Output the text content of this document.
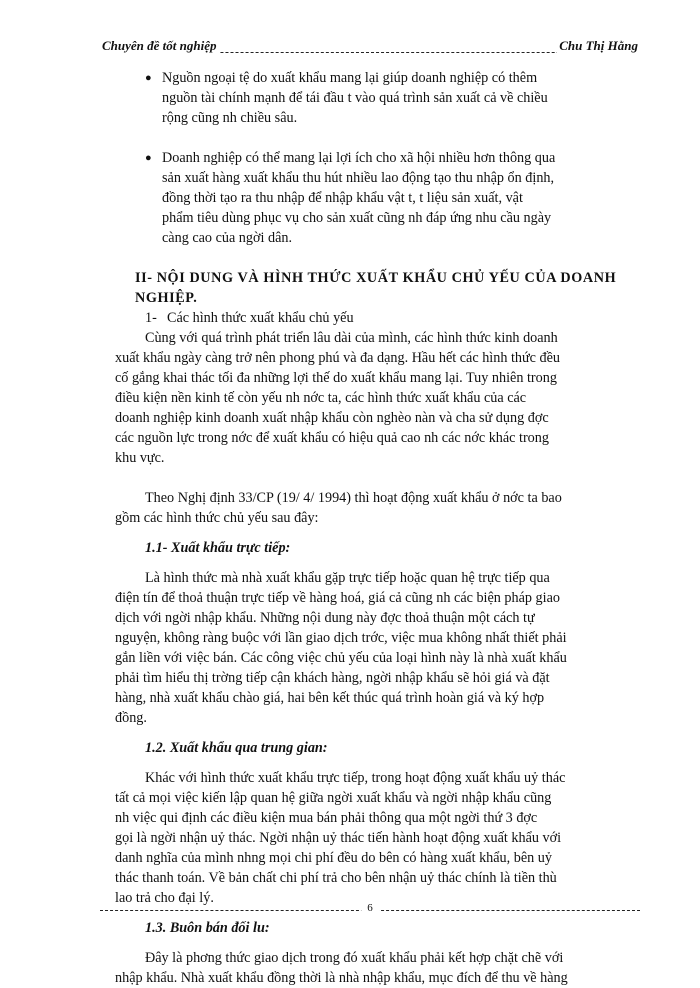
Chuyên đề tốt nghiệp	Chu Thị Hằng
● Nguồn ngoại tệ do xuất khẩu mang lại giúp doanh nghiệp có thêm

nguồn tài chính mạnh để tái đầu t vào quá trình sản xuất cả về chiều

rộng cũng nh chiều sâu.

● Doanh nghiệp có thể mang lại lợi ích cho xã hội nhiều hơn thông qua

sản xuất hàng xuất khẩu thu hút nhiều lao động tạo thu nhập ổn định,

đồng thời tạo ra thu nhập để nhập khẩu vật t, t liệu sản xuất, vật

phẩm tiêu dùng phục vụ cho sản xuất cũng nh đáp ứng nhu cầu ngày

càng cao của ngời dân.

II- NỘI DUNG VÀ HÌNH THỨC XUẤT KHẨU CHỦ YẾU CỦA DOANH

NGHIỆP.

1- Các hình thức xuất khẩu chủ yếu

Cùng với quá trình phát triển lâu dài của mình, các hình thức kinh doanh

xuất khẩu ngày càng trở nên phong phú và đa dạng. Hầu hết các hình thức đều

cố gắng khai thác tối đa những lợi thế do xuất khẩu mang lại. Tuy nhiên trong

điều kiện nền kinh tế còn yếu nh nớc ta, các hình thức xuất khẩu của các

doanh nghiệp kinh doanh xuất nhập khẩu còn nghèo nàn và cha sử dụng đợc

các nguồn lực trong nớc để xuất khẩu có hiệu quả cao nh các nớc khác trong

khu vực.

Theo Nghị định 33/CP (19/ 4/ 1994) thì hoạt động xuất khẩu ở nớc ta bao

gồm các hình thức chủ yếu sau đây:

1.1- Xuất khẩu trực tiếp:

Là hình thức mà nhà xuất khẩu gặp trực tiếp hoặc quan hệ trực tiếp qua

điện tín để thoả thuận trực tiếp về hàng hoá, giá cả cũng nh các biện pháp giao

dịch với ngời nhập khẩu. Những nội dung này đợc thoả thuận một cách tự

nguyện, không ràng buộc với lần giao dịch trớc, việc mua không nhất thiết phải

gắn liền với việc bán. Các công việc chủ yếu của loại hình này là nhà xuất khẩu

phải tìm hiểu thị trờng tiếp cận khách hàng, ngời nhập khẩu sẽ hỏi giá và đặt

hàng, nhà xuất khẩu chào giá, hai bên kết thúc quá trình hoàn giá và ký hợp

đồng.

1.2. Xuất khẩu qua trung gian:

Khác với hình thức xuất khẩu trực tiếp, trong hoạt động xuất khẩu uỷ thác

tất cả mọi việc kiến lập quan hệ giữa ngời xuất khẩu và ngời nhập khẩu cũng

nh việc qui định các điều kiện mua bán phải thông qua một ngời thứ 3 đợc

gọi là ngời nhận uỷ thác. Ngời nhận uỷ thác tiến hành hoạt động xuất khẩu với

danh nghĩa của mình nhng mọi chi phí đều do bên có hàng xuất khẩu, bên uỷ

thác thanh toán. Về bản chất chi phí trả cho bên nhận uỷ thác chính là tiền thù

lao trả cho đại lý.

1.3. Buôn bán đối lu:

Đây là phơng thức giao dịch trong đó xuất khẩu phải kết hợp chặt chẽ với

nhập khẩu. Nhà xuất khẩu đồng thời là nhà nhập khẩu, mục đích để thu về hàng

6
